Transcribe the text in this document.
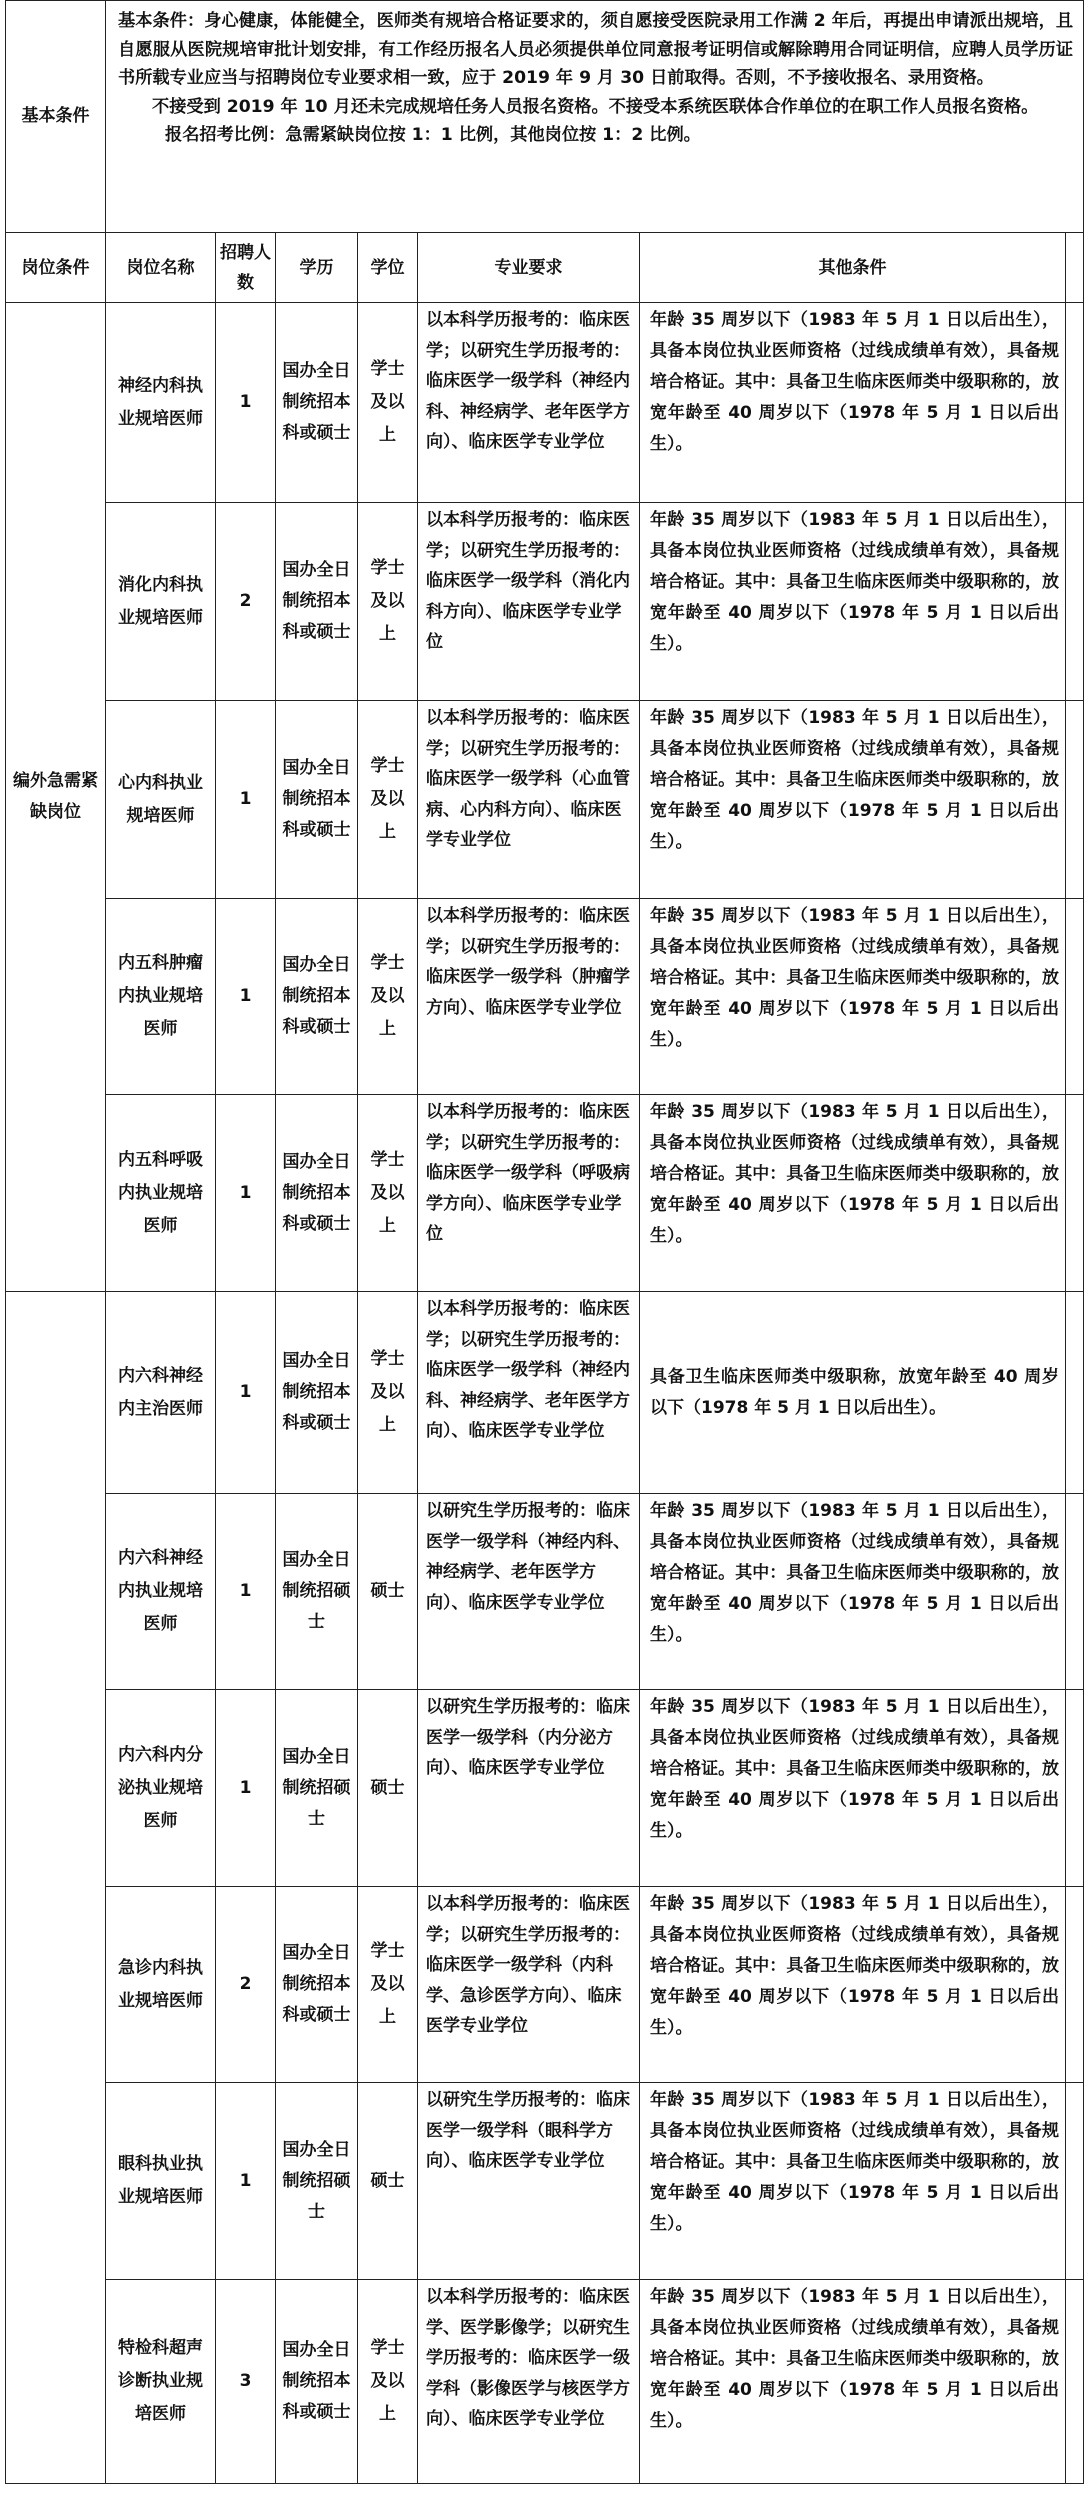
基本条件	基本条件：身心健康，体能健全，医师类有规培合格证要求的，须自愿接受医院录用工作满 2 年后，再提出申请派出规培，且自愿服从医院规培审批计划安排，有工作经历报名人员必须提供单位同意报考证明信或解除聘用合同证明信，应聘人员学历证书所载专业应当与招聘岗位专业要求相一致，应于 2019 年 9 月 30 日前取得。否则，不予接收报名、录用资格。

不接受到 2019 年 10 月还未完成规培任务人员报名资格。不接受本系统医联体合作单位的在职工作人员报名资格。

报名招考比例：急需紧缺岗位按 1：1 比例，其他岗位按 1：2 比例。						

岗位条件	岗位名称	招聘人数	学历	学位	专业要求	其他条件	
编外急需紧缺岗位	神经内科执业规培医师	1	国办全日制统招本科或硕士	学士及以上	以本科学历报考的：临床医学；以研究生学历报考的：临床医学一级学科（神经内科、神经病学、老年医学方向）、临床医学专业学位	年龄 35 周岁以下（1983 年 5 月 1 日以后出生），具备本岗位执业医师资格（过线成绩单有效），具备规培合格证。其中：具备卫生临床医师类中级职称的，放宽年龄至 40 周岁以下（1978 年 5 月 1 日以后出生）。	
	消化内科执业规培医师	2	国办全日制统招本科或硕士	学士及以上	以本科学历报考的：临床医学；以研究生学历报考的：临床医学一级学科（消化内科方向）、临床医学专业学位	年龄 35 周岁以下（1983 年 5 月 1 日以后出生），具备本岗位执业医师资格（过线成绩单有效），具备规培合格证。其中：具备卫生临床医师类中级职称的，放宽年龄至 40 周岁以下（1978 年 5 月 1 日以后出生）。	
	心内科执业规培医师	1	国办全日制统招本科或硕士	学士及以上	以本科学历报考的：临床医学；以研究生学历报考的：临床医学一级学科（心血管病、心内科方向）、临床医学专业学位	年龄 35 周岁以下（1983 年 5 月 1 日以后出生），具备本岗位执业医师资格（过线成绩单有效），具备规培合格证。其中：具备卫生临床医师类中级职称的，放宽年龄至 40 周岁以下（1978 年 5 月 1 日以后出生）。	
	内五科肿瘤内执业规培医师	1	国办全日制统招本科或硕士	学士及以上	以本科学历报考的：临床医学；以研究生学历报考的：临床医学一级学科（肿瘤学方向）、临床医学专业学位	年龄 35 周岁以下（1983 年 5 月 1 日以后出生），具备本岗位执业医师资格（过线成绩单有效），具备规培合格证。其中：具备卫生临床医师类中级职称的，放宽年龄至 40 周岁以下（1978 年 5 月 1 日以后出生）。	
	内五科呼吸内执业规培医师	1	国办全日制统招本科或硕士	学士及以上	以本科学历报考的：临床医学；以研究生学历报考的：临床医学一级学科（呼吸病学方向）、临床医学专业学位	年龄 35 周岁以下（1983 年 5 月 1 日以后出生），具备本岗位执业医师资格（过线成绩单有效），具备规培合格证。其中：具备卫生临床医师类中级职称的，放宽年龄至 40 周岁以下（1978 年 5 月 1 日以后出生）。	
	内六科神经内主治医师	1	国办全日制统招本科或硕士	学士及以上	以本科学历报考的：临床医学；以研究生学历报考的：临床医学一级学科（神经内科、神经病学、老年医学方向）、临床医学专业学位	具备卫生临床医师类中级职称，放宽年龄至 40 周岁以下（1978 年 5 月 1 日以后出生）。	
	内六科神经内执业规培医师	1	国办全日制统招硕士	硕士	以研究生学历报考的：临床医学一级学科（神经内科、神经病学、老年医学方向）、临床医学专业学位	年龄 35 周岁以下（1983 年 5 月 1 日以后出生），具备本岗位执业医师资格（过线成绩单有效），具备规培合格证。其中：具备卫生临床医师类中级职称的，放宽年龄至 40 周岁以下（1978 年 5 月 1 日以后出生）。	
	内六科内分泌执业规培医师	1	国办全日制统招硕士	硕士	以研究生学历报考的：临床医学一级学科（内分泌方向）、临床医学专业学位	年龄 35 周岁以下（1983 年 5 月 1 日以后出生），具备本岗位执业医师资格（过线成绩单有效），具备规培合格证。其中：具备卫生临床医师类中级职称的，放宽年龄至 40 周岁以下（1978 年 5 月 1 日以后出生）。	
	急诊内科执业规培医师	2	国办全日制统招本科或硕士	学士及以上	以本科学历报考的：临床医学；以研究生学历报考的：临床医学一级学科（内科学、急诊医学方向）、临床医学专业学位	年龄 35 周岁以下（1983 年 5 月 1 日以后出生），具备本岗位执业医师资格（过线成绩单有效），具备规培合格证。其中：具备卫生临床医师类中级职称的，放宽年龄至 40 周岁以下（1978 年 5 月 1 日以后出生）。	
	眼科执业执业规培医师	1	国办全日制统招硕士	硕士	以研究生学历报考的：临床医学一级学科（眼科学方向）、临床医学专业学位	年龄 35 周岁以下（1983 年 5 月 1 日以后出生），具备本岗位执业医师资格（过线成绩单有效），具备规培合格证。其中：具备卫生临床医师类中级职称的，放宽年龄至 40 周岁以下（1978 年 5 月 1 日以后出生）。	
	特检科超声诊断执业规培医师	3	国办全日制统招本科或硕士	学士及以上	以本科学历报考的：临床医学、医学影像学；以研究生学历报考的：临床医学一级学科（影像医学与核医学方向）、临床医学专业学位	年龄 35 周岁以下（1983 年 5 月 1 日以后出生），具备本岗位执业医师资格（过线成绩单有效），具备规培合格证。其中：具备卫生临床医师类中级职称的，放宽年龄至 40 周岁以下（1978 年 5 月 1 日以后出生）。	
